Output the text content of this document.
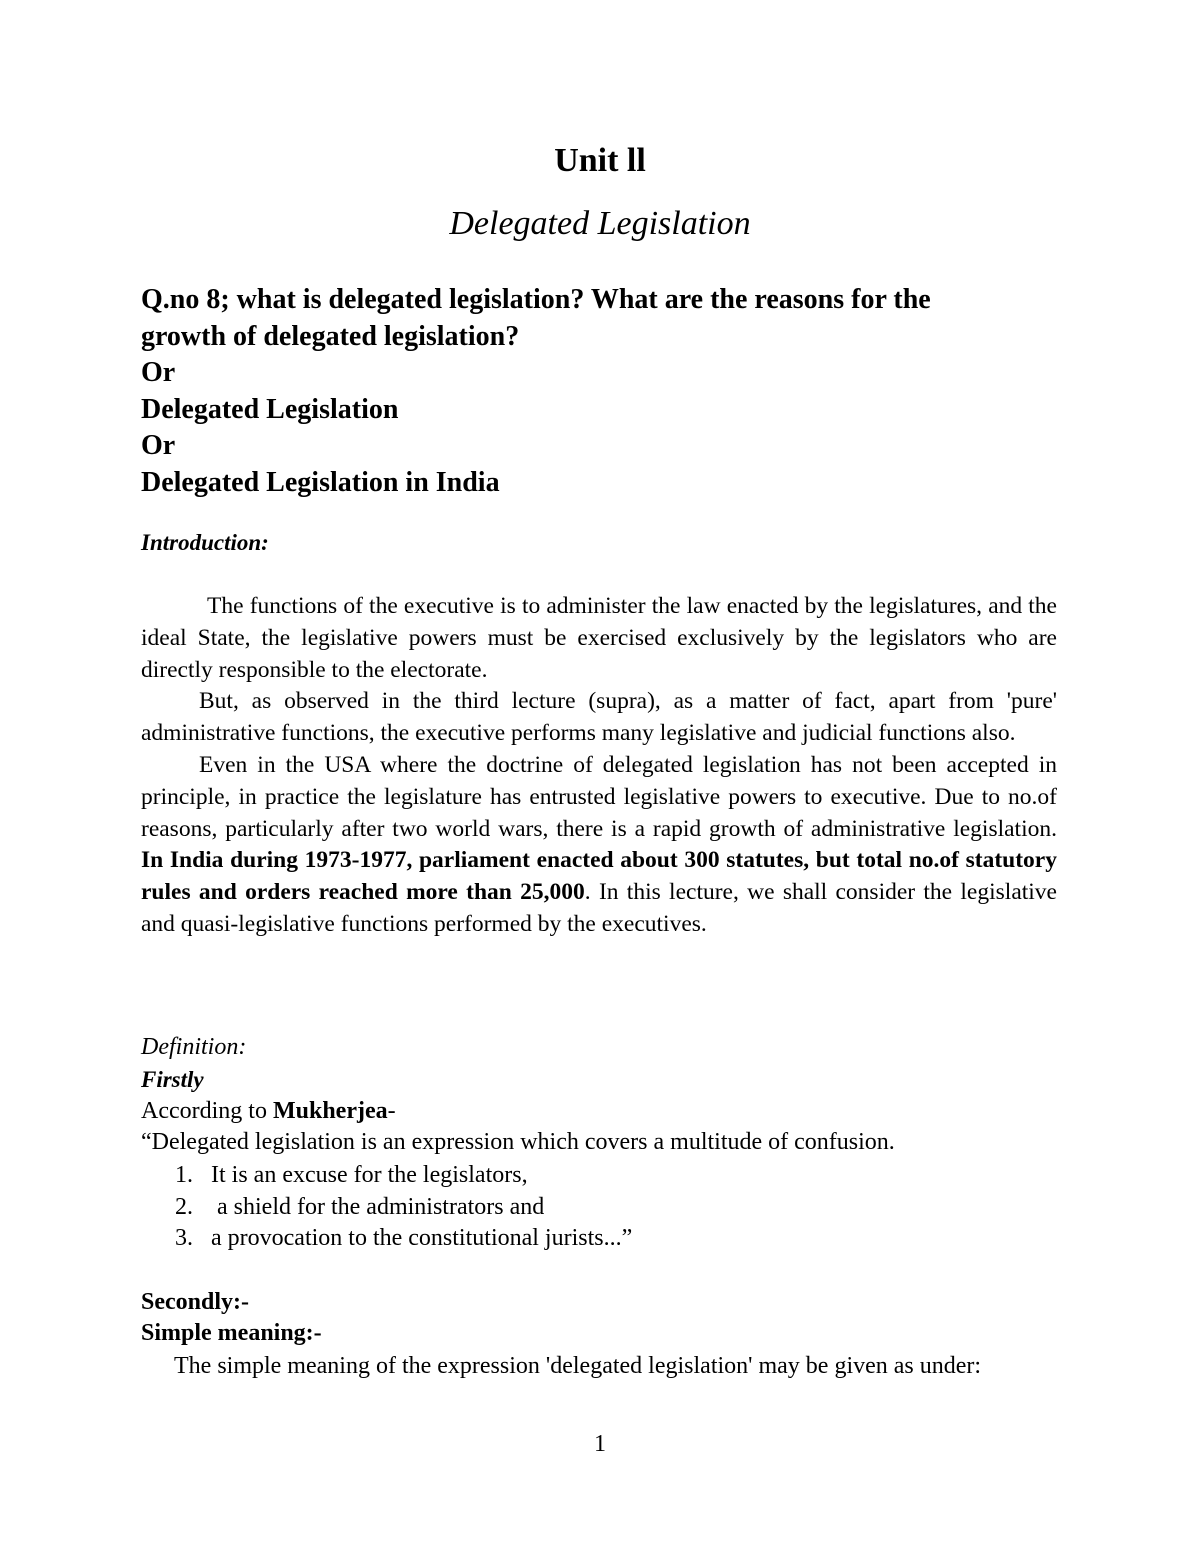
Unit ll
Delegated Legislation
Q.no 8; what is delegated legislation? What are the reasons for the
growth of delegated legislation?
Or
Delegated Legislation
Or
Delegated Legislation in India
Introduction:

The functions of the executive is to administer the law enacted by the legislatures, and the ideal State, the legislative powers must be exercised exclusively by the legislators who are directly responsible to the electorate.

But, as observed in the third lecture (supra), as a matter of fact, apart from 'pure' administrative functions, the executive performs many legislative and judicial functions also.

Even in the USA where the doctrine of delegated legislation has not been accepted in principle, in practice the legislature has entrusted legislative powers to executive. Due to no.of reasons, particularly after two world wars, there is a rapid growth of administrative legislation. In India during 1973-1977, parliament enacted about 300 statutes, but total no.of statutory rules and orders reached more than 25,000. In this lecture, we shall consider the legislative and quasi-legislative functions performed by the executives.

Definition:
Firstly
According to Mukherjea-
“Delegated legislation is an expression which covers a multitude of confusion.
1. It is an excuse for the legislators,
2. a shield for the administrators and
3. a provocation to the constitutional jurists...”
Secondly:-
Simple meaning:-
The simple meaning of the expression 'delegated legislation' may be given as under:
1
